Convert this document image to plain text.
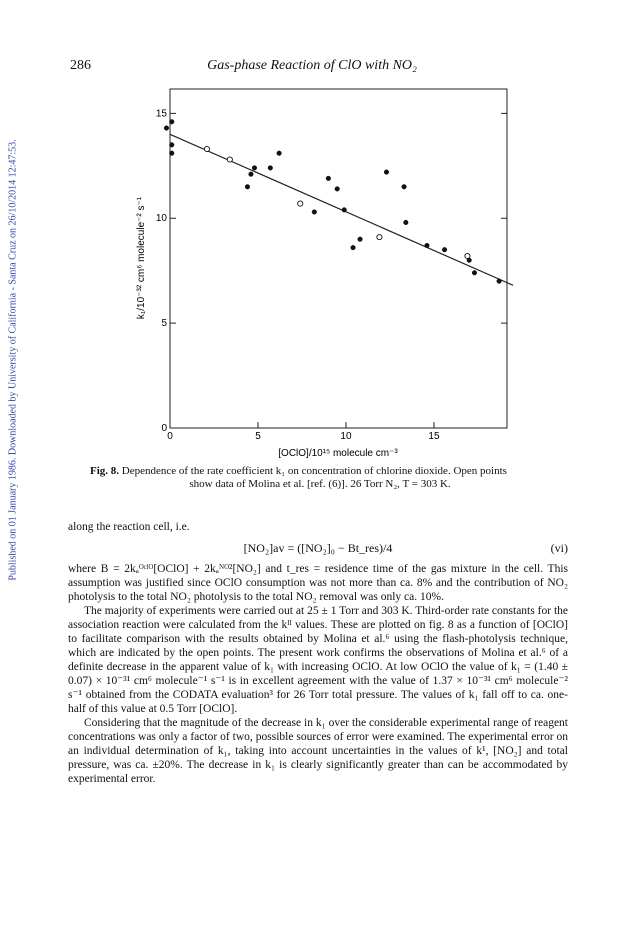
286	Gas-phase Reaction of ClO with NO₂
Published on 01 January 1986. Downloaded by University of California - Santa Cruz on 26/10/2014 12:47:53.	0	5	10	15
0
5
10
15
[OClO]/10¹⁵ molecule cm⁻³
k₁/10⁻³² cm⁶ molecule⁻² s⁻¹
Fig. 8. Dependence of the rate coefficient k₁ on concentration of chlorine dioxide. Open points
show data of Molina et al. [ref. (6)]. 26 Torr N₂, T = 303 K.
along the reaction cell, i.e.
[NO₂]av = ([NO₂]₀ − Bt_res)/4	(vi)

where B = 2kₐᴼᶜˡᴼ[OClO] + 2kₐᴺᴼ²[NO₂] and t_res = residence time of the gas mixture in the cell. This assumption was justified since OClO consumption was not more than ca. 8% and the contribution of NO₂ photolysis to the total NO₂ photolysis to the total NO₂ removal was only ca. 10%.

The majority of experiments were carried out at 25 ± 1 Torr and 303 K. Third-order rate constants for the association reaction were calculated from the kᴵᴵ values. These are plotted on fig. 8 as a function of [OClO] to facilitate comparison with the results obtained by Molina et al.⁶ using the flash-photolysis technique, which are indicated by the open points. The present work confirms the observations of Molina et al.⁶ of a definite decrease in the apparent value of k₁ with increasing OClO. At low OClO the value of k₁ = (1.40 ± 0.07) × 10⁻³¹ cm⁶ molecule⁻¹ s⁻¹ is in excellent agreement with the value of 1.37 × 10⁻³¹ cm⁶ molecule⁻² s⁻¹ obtained from the CODATA evaluation³ for 26 Torr total pressure. The values of k₁ fall off to ca. one-half of this value at 0.5 Torr [OClO].

Considering that the magnitude of the decrease in k₁ over the considerable experimental range of reagent concentrations was only a factor of two, possible sources of error were examined. The experimental error on an individual determination of k₁, taking into account uncertainties in the values of k¹, [NO₂] and total pressure, was ca. ±20%. The decrease in k₁ is clearly significantly greater than can be accommodated by experimental error.
